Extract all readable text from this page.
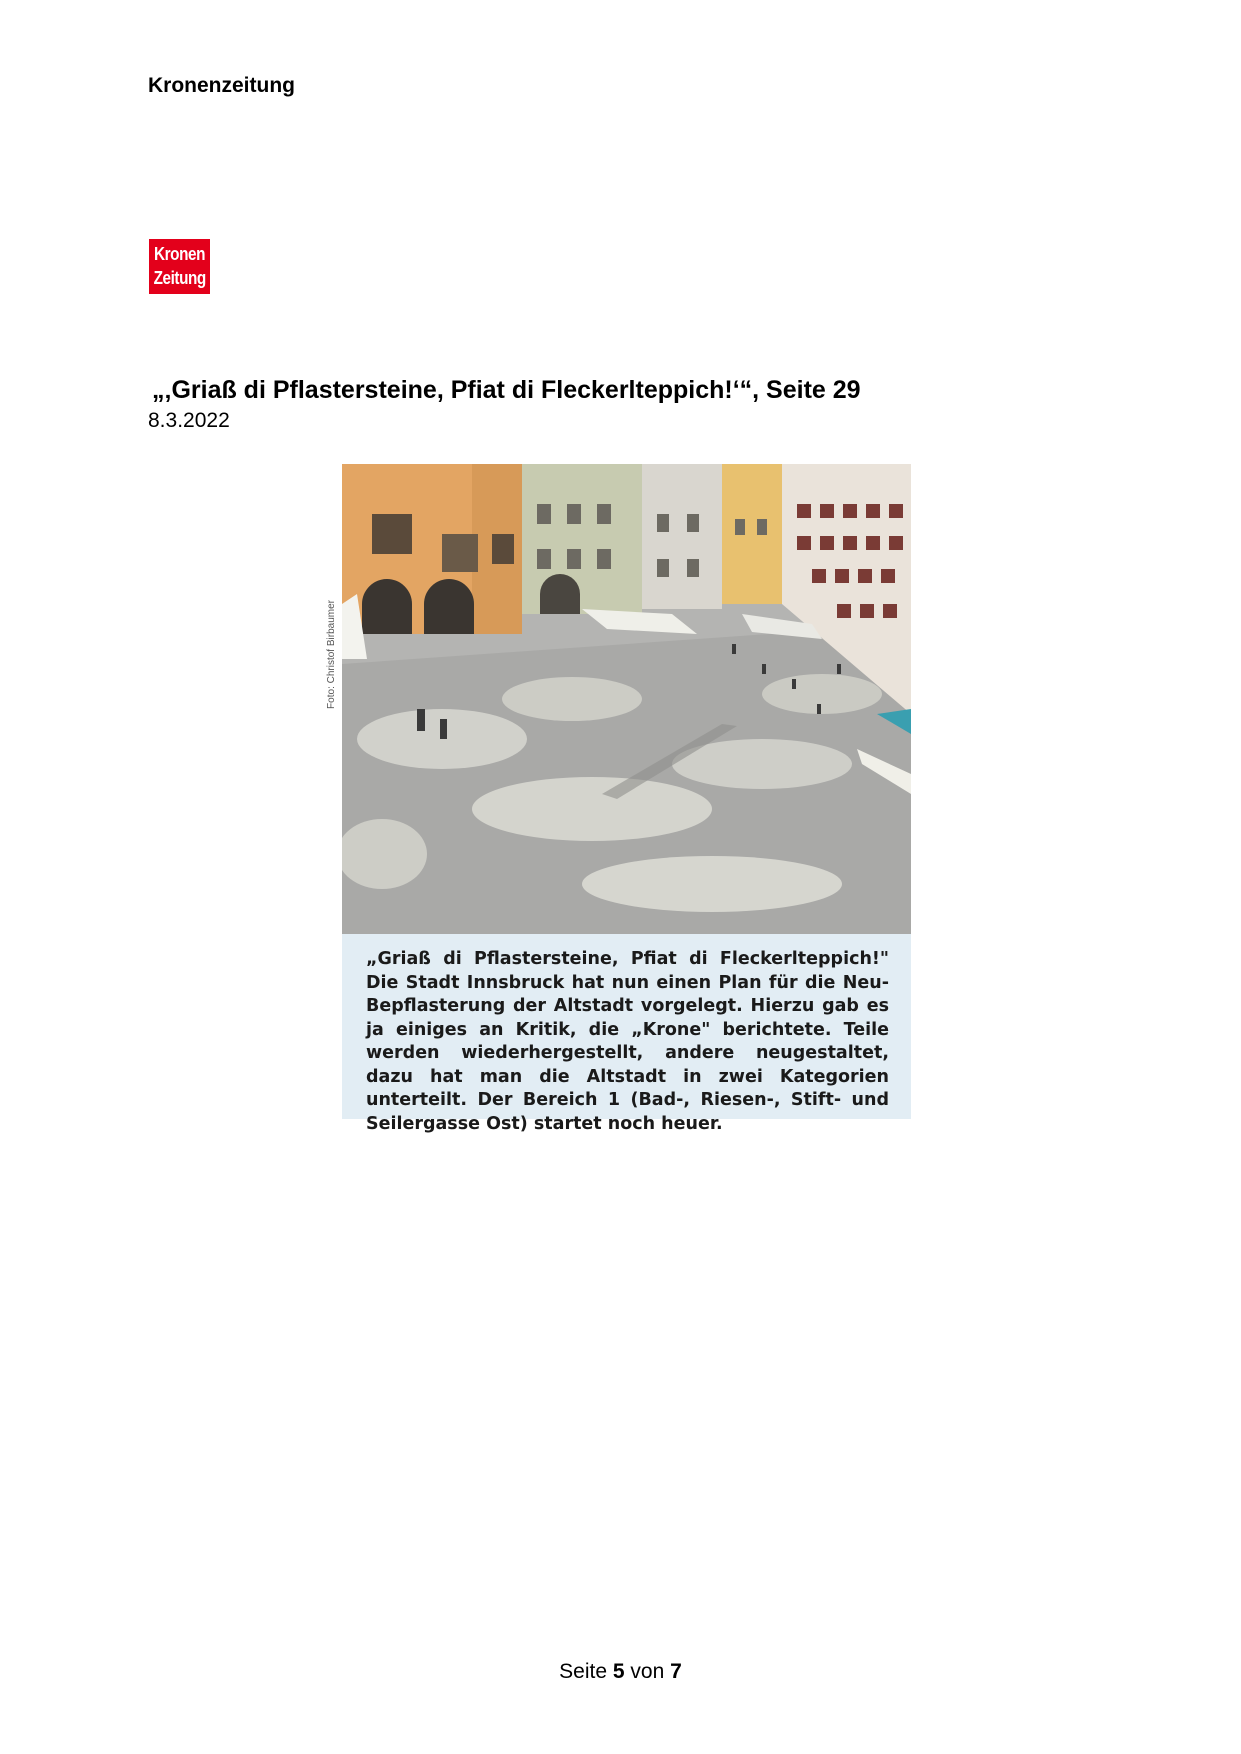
Kronenzeitung
Kronen
Zeitung
„‚Griaß di Pflastersteine, Pfiat di Fleckerlteppich!‘“, Seite 29
8.3.2022
Foto: Christof Birbaumer
„Griaß di Pflastersteine, Pfiat di Fleckerlteppich!" Die Stadt Innsbruck hat nun einen Plan für die Neu-Bepflasterung der Altstadt vorgelegt. Hierzu gab es ja einiges an Kritik, die „Krone" berichtete. Teile werden wiederhergestellt, andere neugestaltet, dazu hat man die Altstadt in zwei Kategorien unterteilt. Der Bereich 1 (Bad-, Riesen-, Stift- und Seilergasse Ost) startet noch heuer.
Seite 5 von 7
